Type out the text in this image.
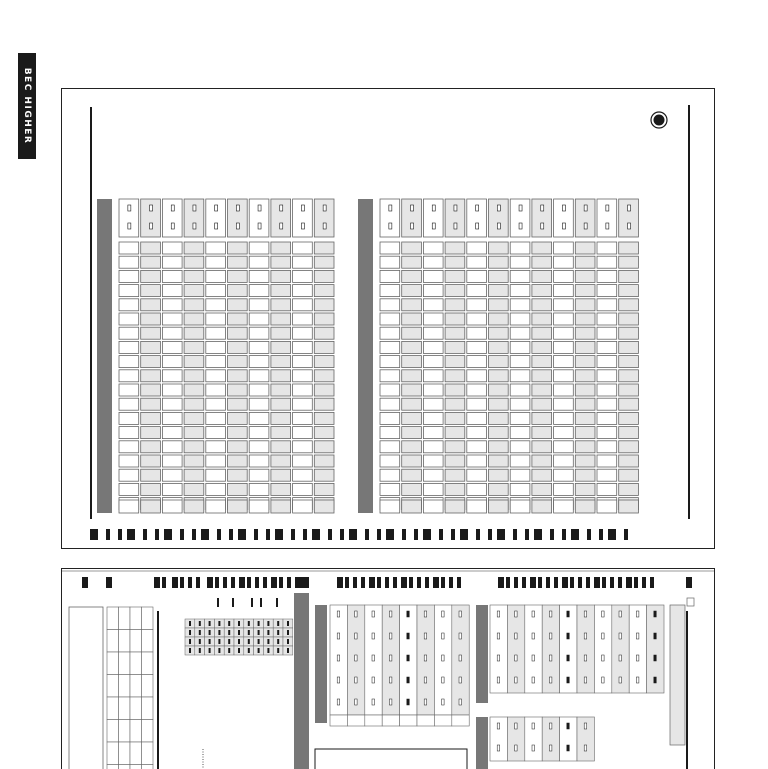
BEC HIGHER
